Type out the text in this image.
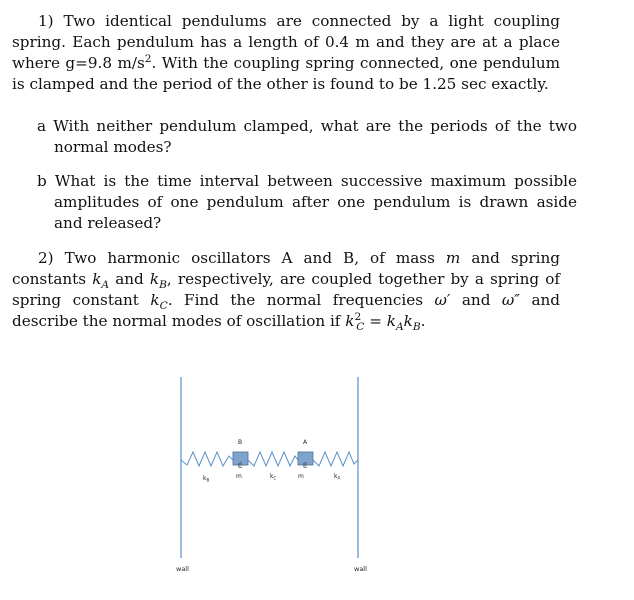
1) Two identical pendulums are connected by a light coupling spring. Each pendulum has a length of 0.4 m and they are at a place where g=9.8 $m/s^2$. With the coupling spring connected, one pendulum is clamped and the period of the other is found to be 1.25 sec exactly.

a With neither pendulum clamped, what are the periods of the two normal modes?

b What is the time interval between successive maximum possible amplitudes of one pendulum after one pendulum is drawn aside and released?

2) Two harmonic oscillators A and B, of mass m and spring constants $k_A$ and $k_B$, respectively, are coupled together by a spring of spring constant $k_C$. Find the normal frequencies ω′ and ω″ and describe the normal modes of oscillation if $k^2_C = k_Ak_B$.

B	A
m	m
m	m
$k_B$	$k_C$	$k_A$
wall	wall
